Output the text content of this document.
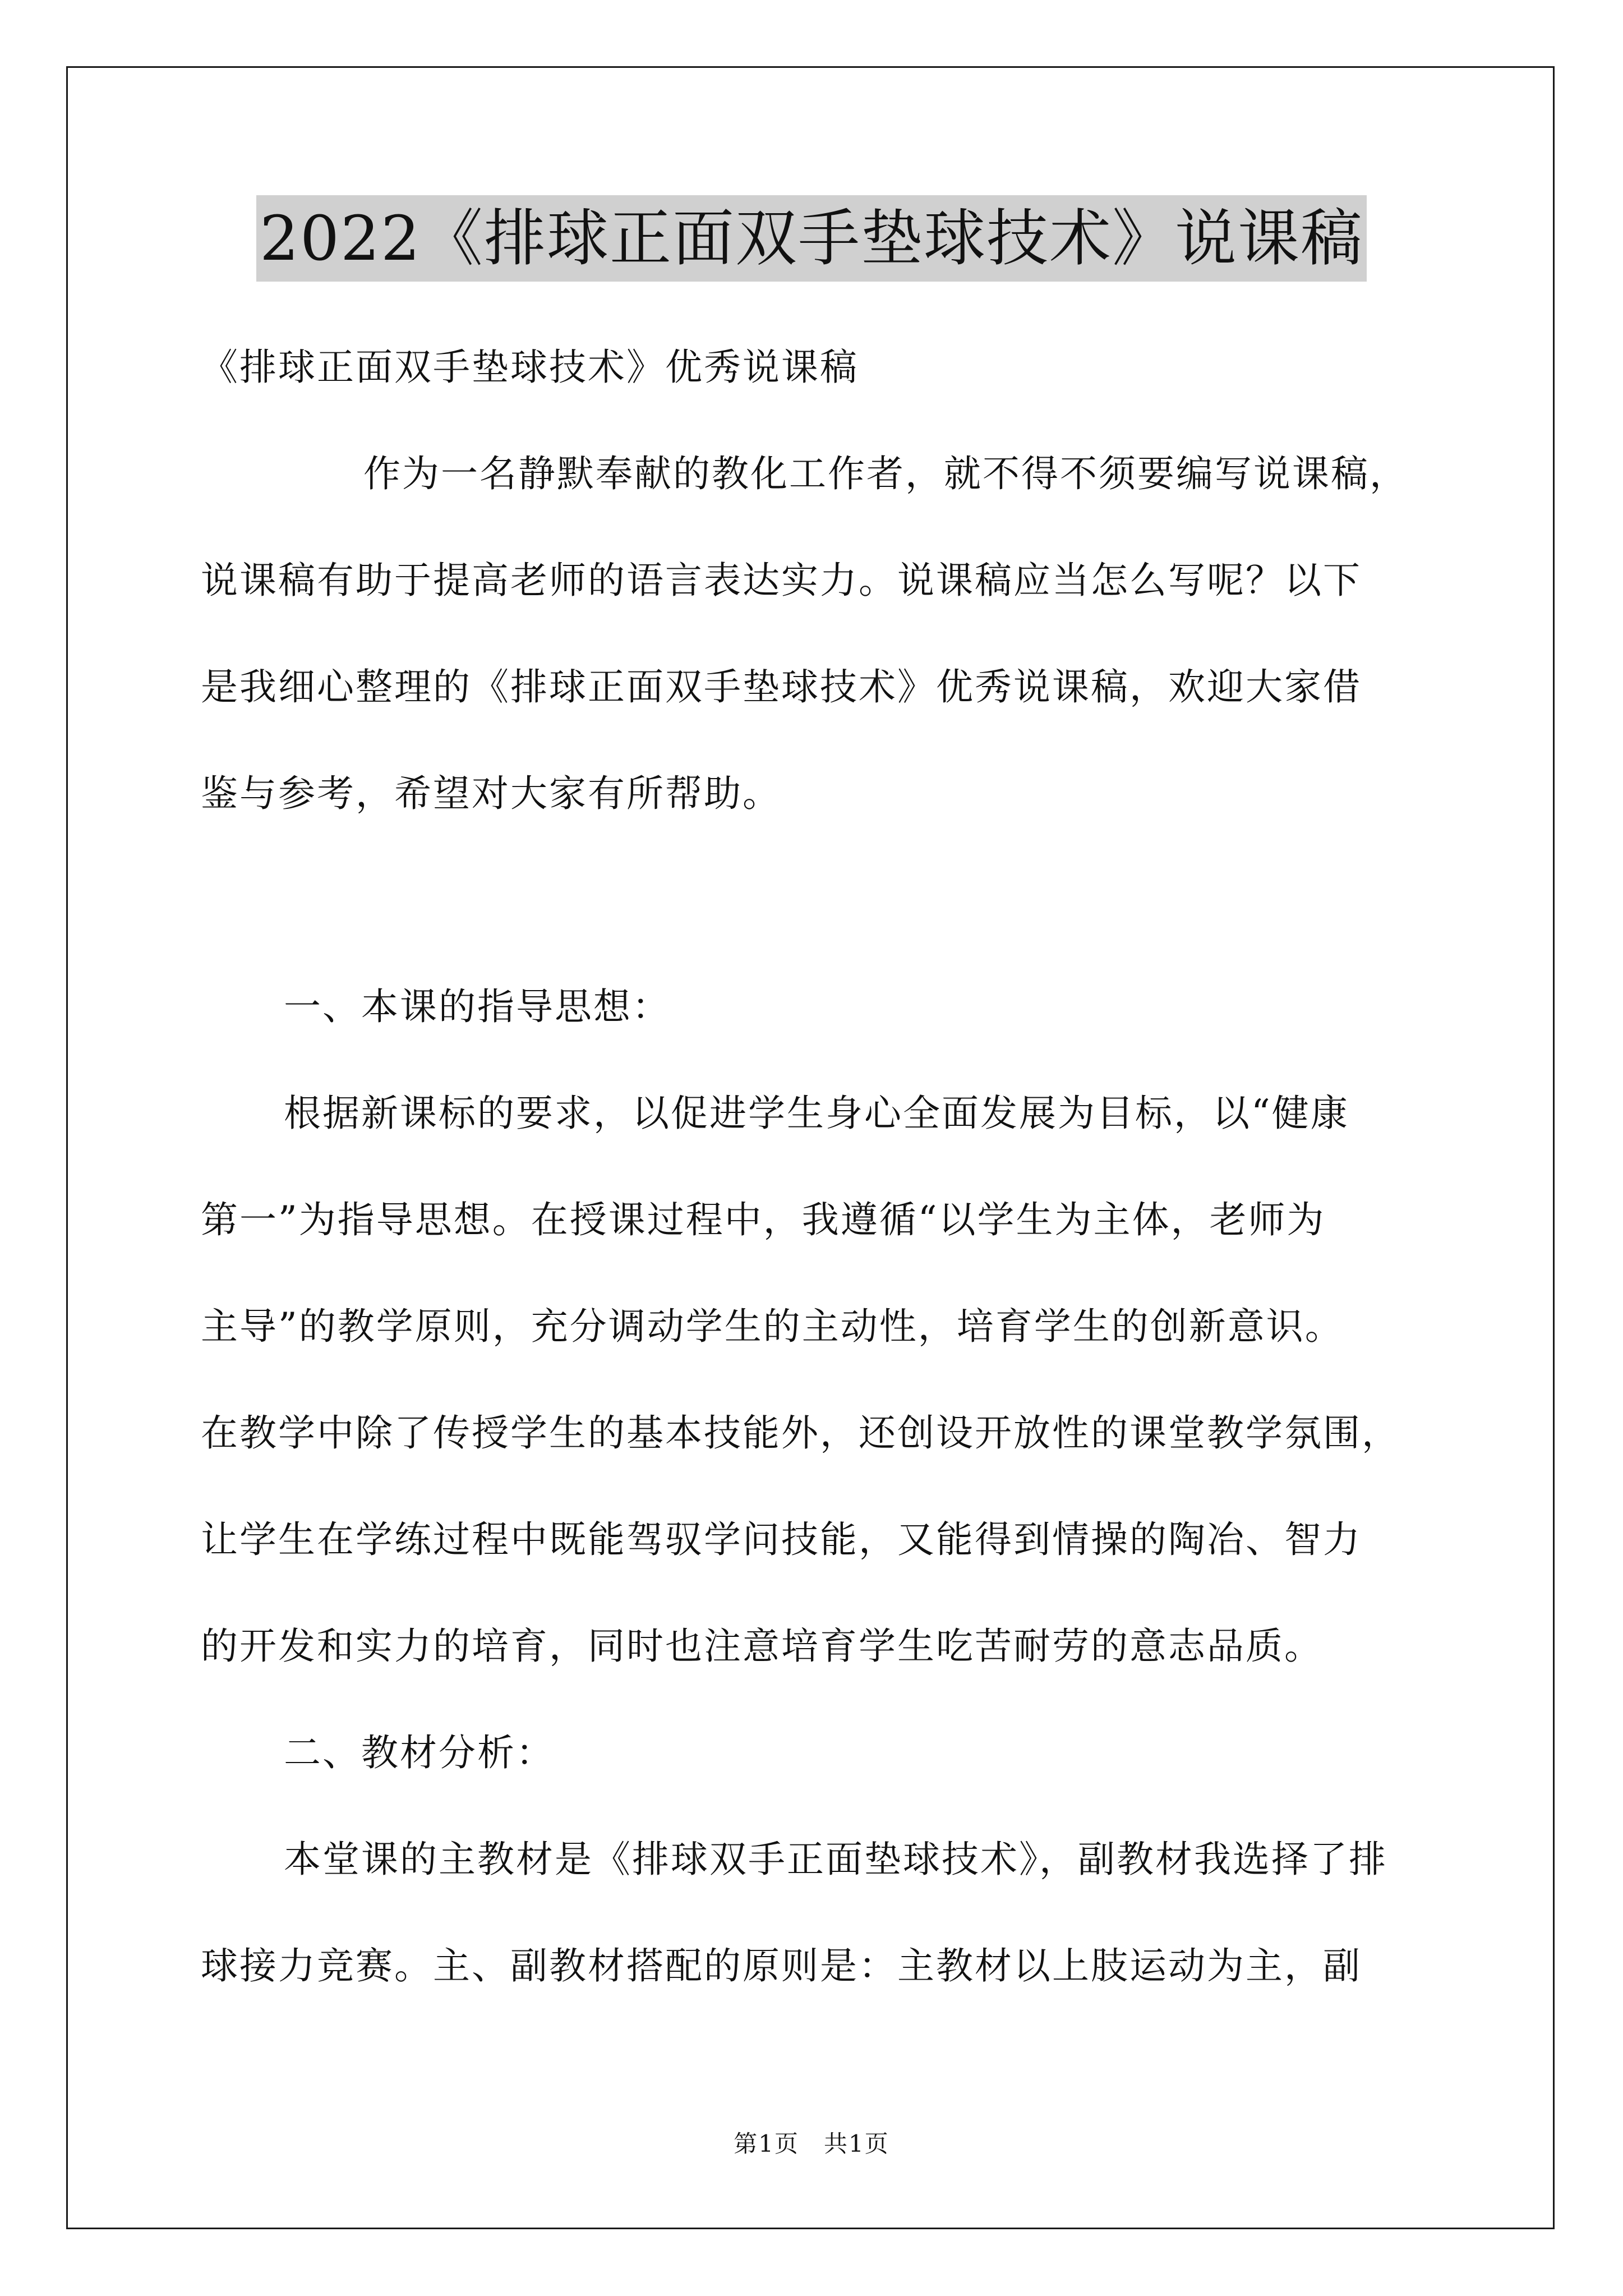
2022《排球正面双手垫球技术》说课稿
《排球正面双手垫球技术》优秀说课稿
作为一名静默奉献的教化工作者，就不得不须要编写说课稿，
说课稿有助于提高老师的语言表达实力。说课稿应当怎么写呢？以下
是我细心整理的《排球正面双手垫球技术》优秀说课稿，欢迎大家借
鉴与参考，希望对大家有所帮助。
一、本课的指导思想：
根据新课标的要求，以促进学生身心全面发展为目标，以“健康
第一”为指导思想。在授课过程中，我遵循“以学生为主体，老师为
主导”的教学原则，充分调动学生的主动性，培育学生的创新意识。
在教学中除了传授学生的基本技能外，还创设开放性的课堂教学氛围，
让学生在学练过程中既能驾驭学问技能，又能得到情操的陶冶、智力
的开发和实力的培育，同时也注意培育学生吃苦耐劳的意志品质。
二、教材分析：
本堂课的主教材是《排球双手正面垫球技术》，副教材我选择了排
球接力竞赛。主、副教材搭配的原则是：主教材以上肢运动为主，副
第1页　共1页
